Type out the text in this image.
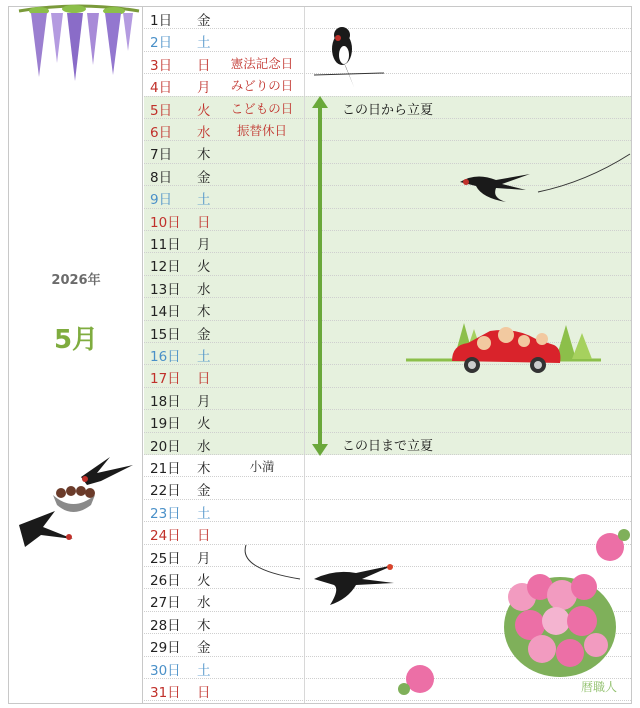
2026年
5月
1日	金
2日	土
3日	日	憲法記念日
4日	月	みどりの日
5日	火	こどもの日
6日	水	振替休日
7日	木
8日	金
9日	土
10日	日
11日	月
12日	火
13日	水
14日	木
15日	金
16日	土
17日	日
18日	月
19日	火
20日	水
21日	木	小満
22日	金
23日	土
24日	日
25日	月
26日	火
27日	水
28日	木
29日	金
30日	土
31日	日
この日から立夏
この日まで立夏
暦職人
